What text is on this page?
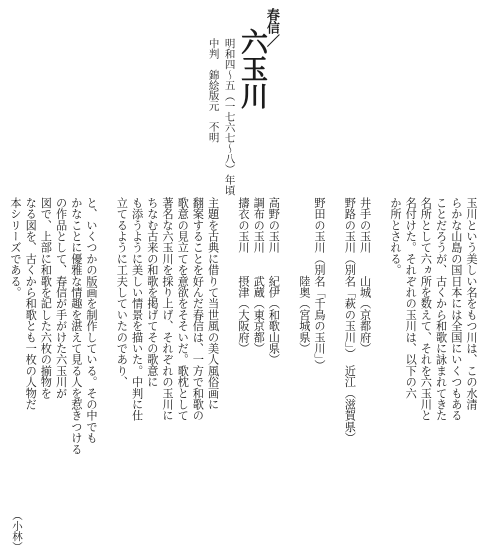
春信／
六玉川
明和四～五（一七六七～八）年頃
中判　錦絵
版元　不明
玉川という美しい名をもつ川は、この水清
らかな山島の国日本には全国にいくつもある
ことだろうが、古くから和歌に詠まれてきた
名所として六ヵ所を数えて、それを六玉川と
名付けた。それぞれの玉川は、以下の六
か所とされる。
井手の玉川　　山城（京都府）
野路の玉川（別名「萩の玉川」）　近江（滋賀県）
野田の玉川（別名「千鳥の玉川」）
　　　　　　　陸奥（宮城県）
高野の玉川　　紀伊（和歌山県）
調布の玉川　　武蔵（東京都）
擣衣の玉川　　摂津（大阪府）
主題を古典に借りて当世風の美人風俗画に
翻案することを好んだ春信は、一方で和歌の
歌意の見立てを意欲をそそいだ。歌枕として
著名な六玉川を採り上げ、それぞれの玉川に
ちなむ古来の和歌を掲げてその歌意に
も添うように美しい情景を描いた。中判に仕
立てるように工夫していたのであり、
と、いくつかの版画を制作している。その中でも
かなことに優雅な情趣を湛えて見る人を惹きつける
の作品として、春信が手がけた六玉川が
図で、上部に和歌を記した六枚の揃物を
なる図を、古くから和歌とも一枚の人物だ
本シリーズである。
（小林）
